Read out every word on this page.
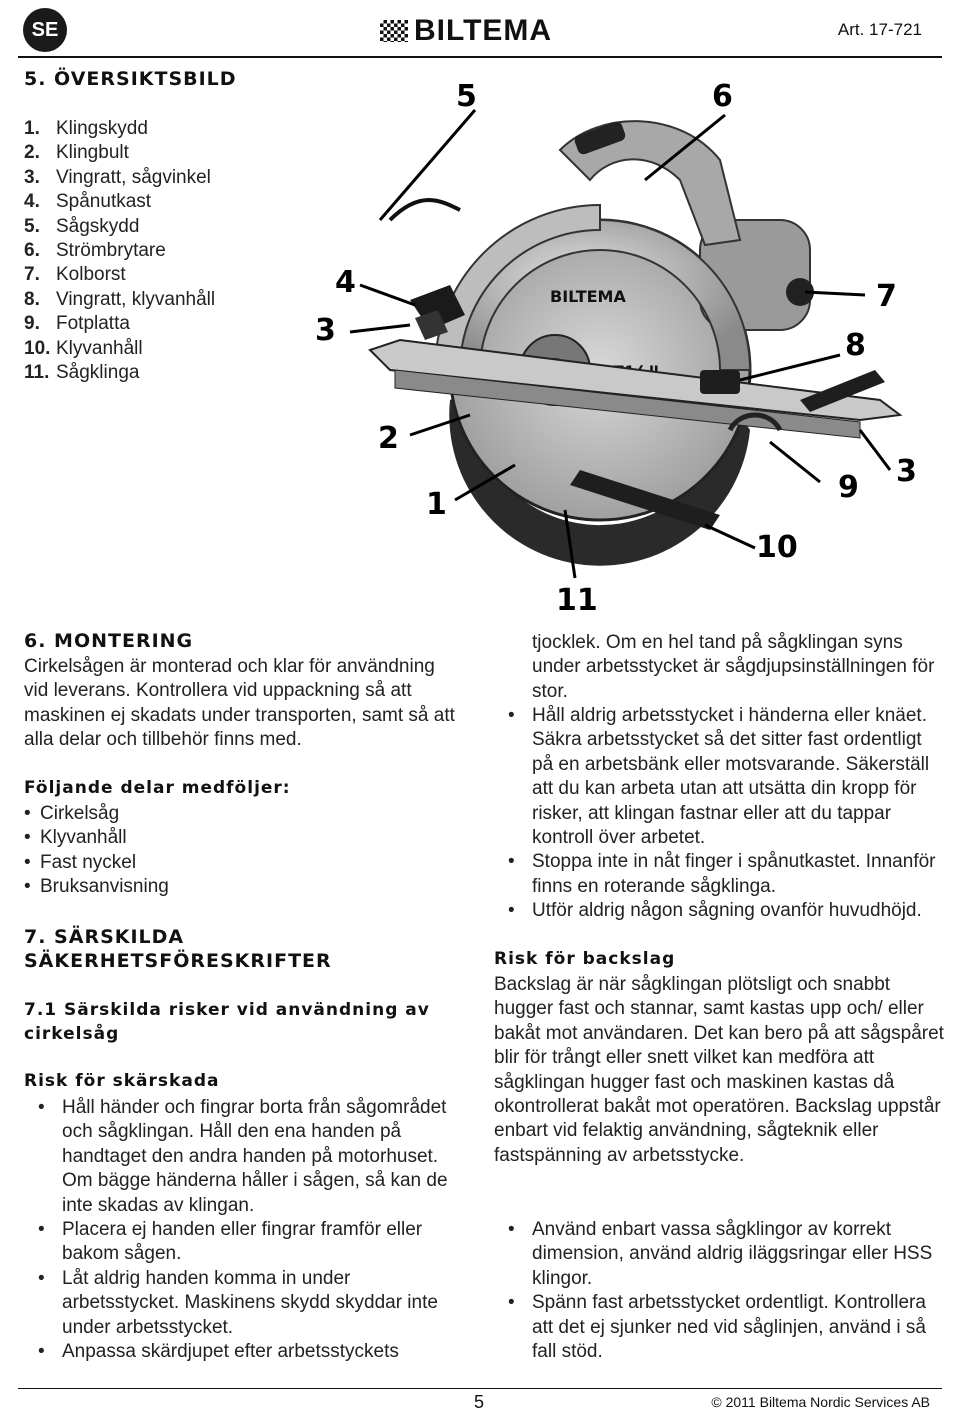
SE	BILTEMA	Art. 17-721
5. ÖVERSIKTSBILD
1. Klingskydd
2. Klingbult
3. Vingratt, sågvinkel
4. Spånutkast
5. Sågskydd
6. Strömbrytare
7. Kolborst
8. Vingratt, klyvanhåll
9. Fotplatta
10. Klyvanhåll
11. Sågklinga
BILTEMA
5	6
4
3
7
8
2
9 3
1
10
11
6. MONTERING
Cirkelsågen är monterad och klar för användning vid leverans. Kontrollera vid uppackning så att maskinen ej skadats under transporten, samt så att alla delar och tillbehör finns med.
Följande delar medföljer:
• Cirkelsåg
• Klyvanhåll
• Fast nyckel
• Bruksanvisning
7. SÄRSKILDA
SÄKERHETSFÖRESKRIFTER
7.1 Särskilda risker vid användning av
cirkelsåg
Risk för skärskada
• Håll händer och fingrar borta från sågområdet och sågklingan. Håll den ena handen på handtaget den andra handen på motorhuset. Om bägge händerna håller i sågen, så kan de inte skadas av klingan.
• Placera ej handen eller fingrar framför eller bakom sågen.
• Låt aldrig handen komma in under arbetsstycket. Maskinens skydd skyddar inte under arbetsstycket.
• Anpassa skärdjupet efter arbetsstyckets
tjocklek. Om en hel tand på sågklingan syns under arbetsstycket är sågdjupsinställningen för stor.
• Håll aldrig arbetsstycket i händerna eller knäet. Säkra arbetsstycket så det sitter fast ordentligt på en arbetsbänk eller motsvarande. Säkerställ att du kan arbeta utan att utsätta din kropp för risker, att klingan fastnar eller att du tappar kontroll över arbetet.
• Stoppa inte in nåt finger i spånutkastet. Innanför finns en roterande sågklinga.
• Utför aldrig någon sågning ovanför huvudhöjd.
Risk för backslag
Backslag är när sågklingan plötsligt och snabbt hugger fast och stannar, samt kastas upp och/ eller bakåt mot användaren. Det kan bero på att sågspåret blir för trångt eller snett vilket kan medföra att sågklingan hugger fast och maskinen kastas då okontrollerat bakåt mot operatören. Backslag uppstår enbart vid felaktig användning, sågteknik eller fastspänning av arbetsstycke.
• Använd enbart vassa sågklingor av korrekt dimension, använd aldrig iläggsringar eller HSS klingor.
• Spänn fast arbetsstycket ordentligt. Kontrollera att det ej sjunker ned vid såglinjen, använd i så fall stöd.
5	© 2011 Biltema Nordic Services AB
